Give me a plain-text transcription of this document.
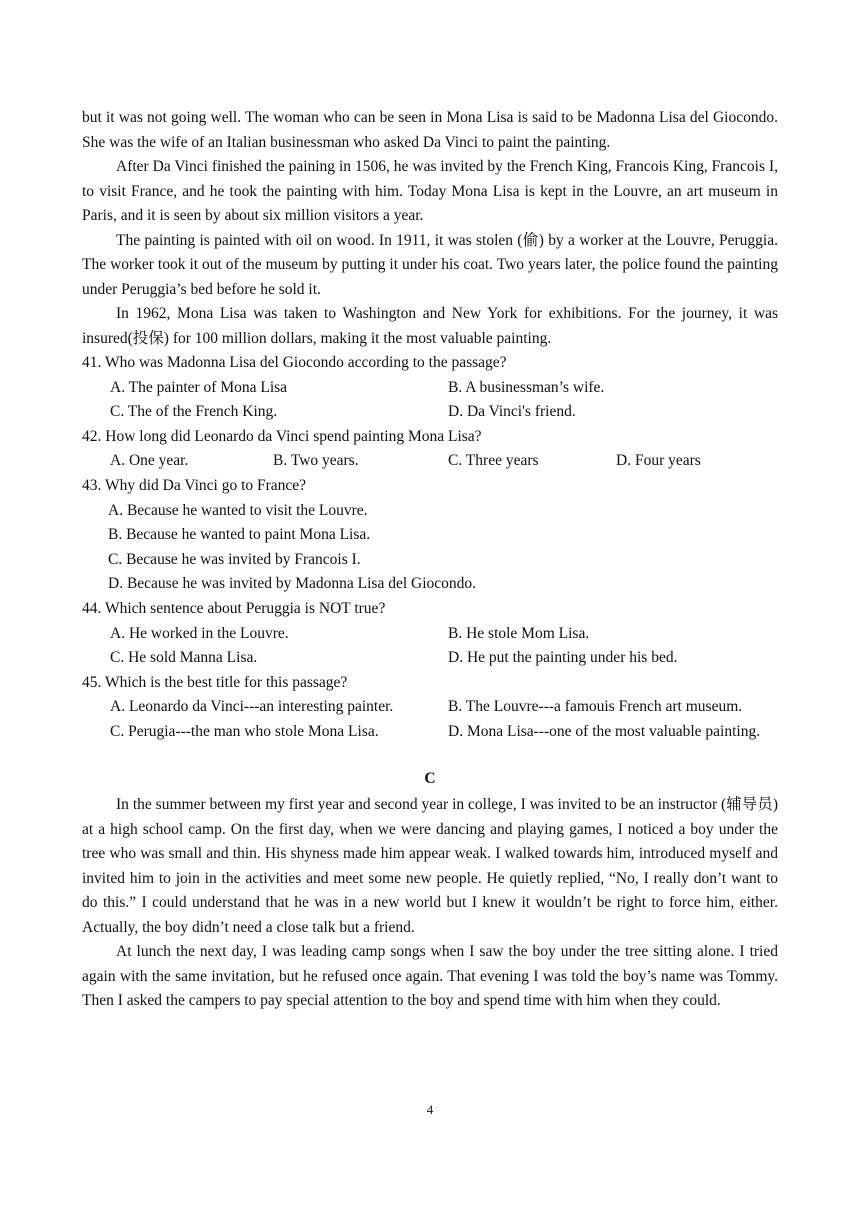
but it was not going well. The woman who can be seen in Mona Lisa is said to be Madonna Lisa del Giocondo. She was the wife of an Italian businessman who asked Da Vinci to paint the painting.

After Da Vinci finished the paining in 1506, he was invited by the French King, Francois King, Francois I, to visit France, and he took the painting with him. Today Mona Lisa is kept in the Louvre, an art museum in Paris, and it is seen by about six million visitors a year.

The painting is painted with oil on wood. In 1911, it was stolen (偷) by a worker at the Louvre, Peruggia. The worker took it out of the museum by putting it under his coat. Two years later, the police found the painting under Peruggia’s bed before he sold it.

In 1962, Mona Lisa was taken to Washington and New York for exhibitions. For the journey, it was insured(投保) for 100 million dollars, making it the most valuable painting.

41. Who was Madonna Lisa del Giocondo according to the passage?

A. The painter of Mona Lisa	B. A businessman’s wife.
C. The of the French King.	D. Da Vinci's friend.

42. How long did Leonardo da Vinci spend painting Mona Lisa?

A. One year.	B. Two years.	C. Three years	D. Four years

43. Why did Da Vinci go to France?

A. Because he wanted to visit the Louvre.
B. Because he wanted to paint Mona Lisa.
C. Because he was invited by Francois I.
D. Because he was invited by Madonna Lisa del Giocondo.

44. Which sentence about Peruggia is NOT true?

A. He worked in the Louvre.	B. He stole Mom Lisa.
C. He sold Manna Lisa.	D. He put the painting under his bed.

45. Which is the best title for this passage?

A. Leonardo da Vinci---an interesting painter.	B. The Louvre---a famouis French art museum.
C. Perugia---the man who stole Mona Lisa.	D. Mona Lisa---one of the most valuable painting.
C

In the summer between my first year and second year in college, I was invited to be an instructor (辅导员) at a high school camp. On the first day, when we were dancing and playing games, I noticed a boy under the tree who was small and thin. His shyness made him appear weak. I walked towards him, introduced myself and invited him to join in the activities and meet some new people. He quietly replied, “No, I really don’t want to do this.” I could understand that he was in a new world but I knew it wouldn’t be right to force him, either. Actually, the boy didn’t need a close talk but a friend.

At lunch the next day, I was leading camp songs when I saw the boy under the tree sitting alone. I tried again with the same invitation, but he refused once again. That evening I was told the boy’s name was Tommy. Then I asked the campers to pay special attention to the boy and spend time with him when they could.

4
